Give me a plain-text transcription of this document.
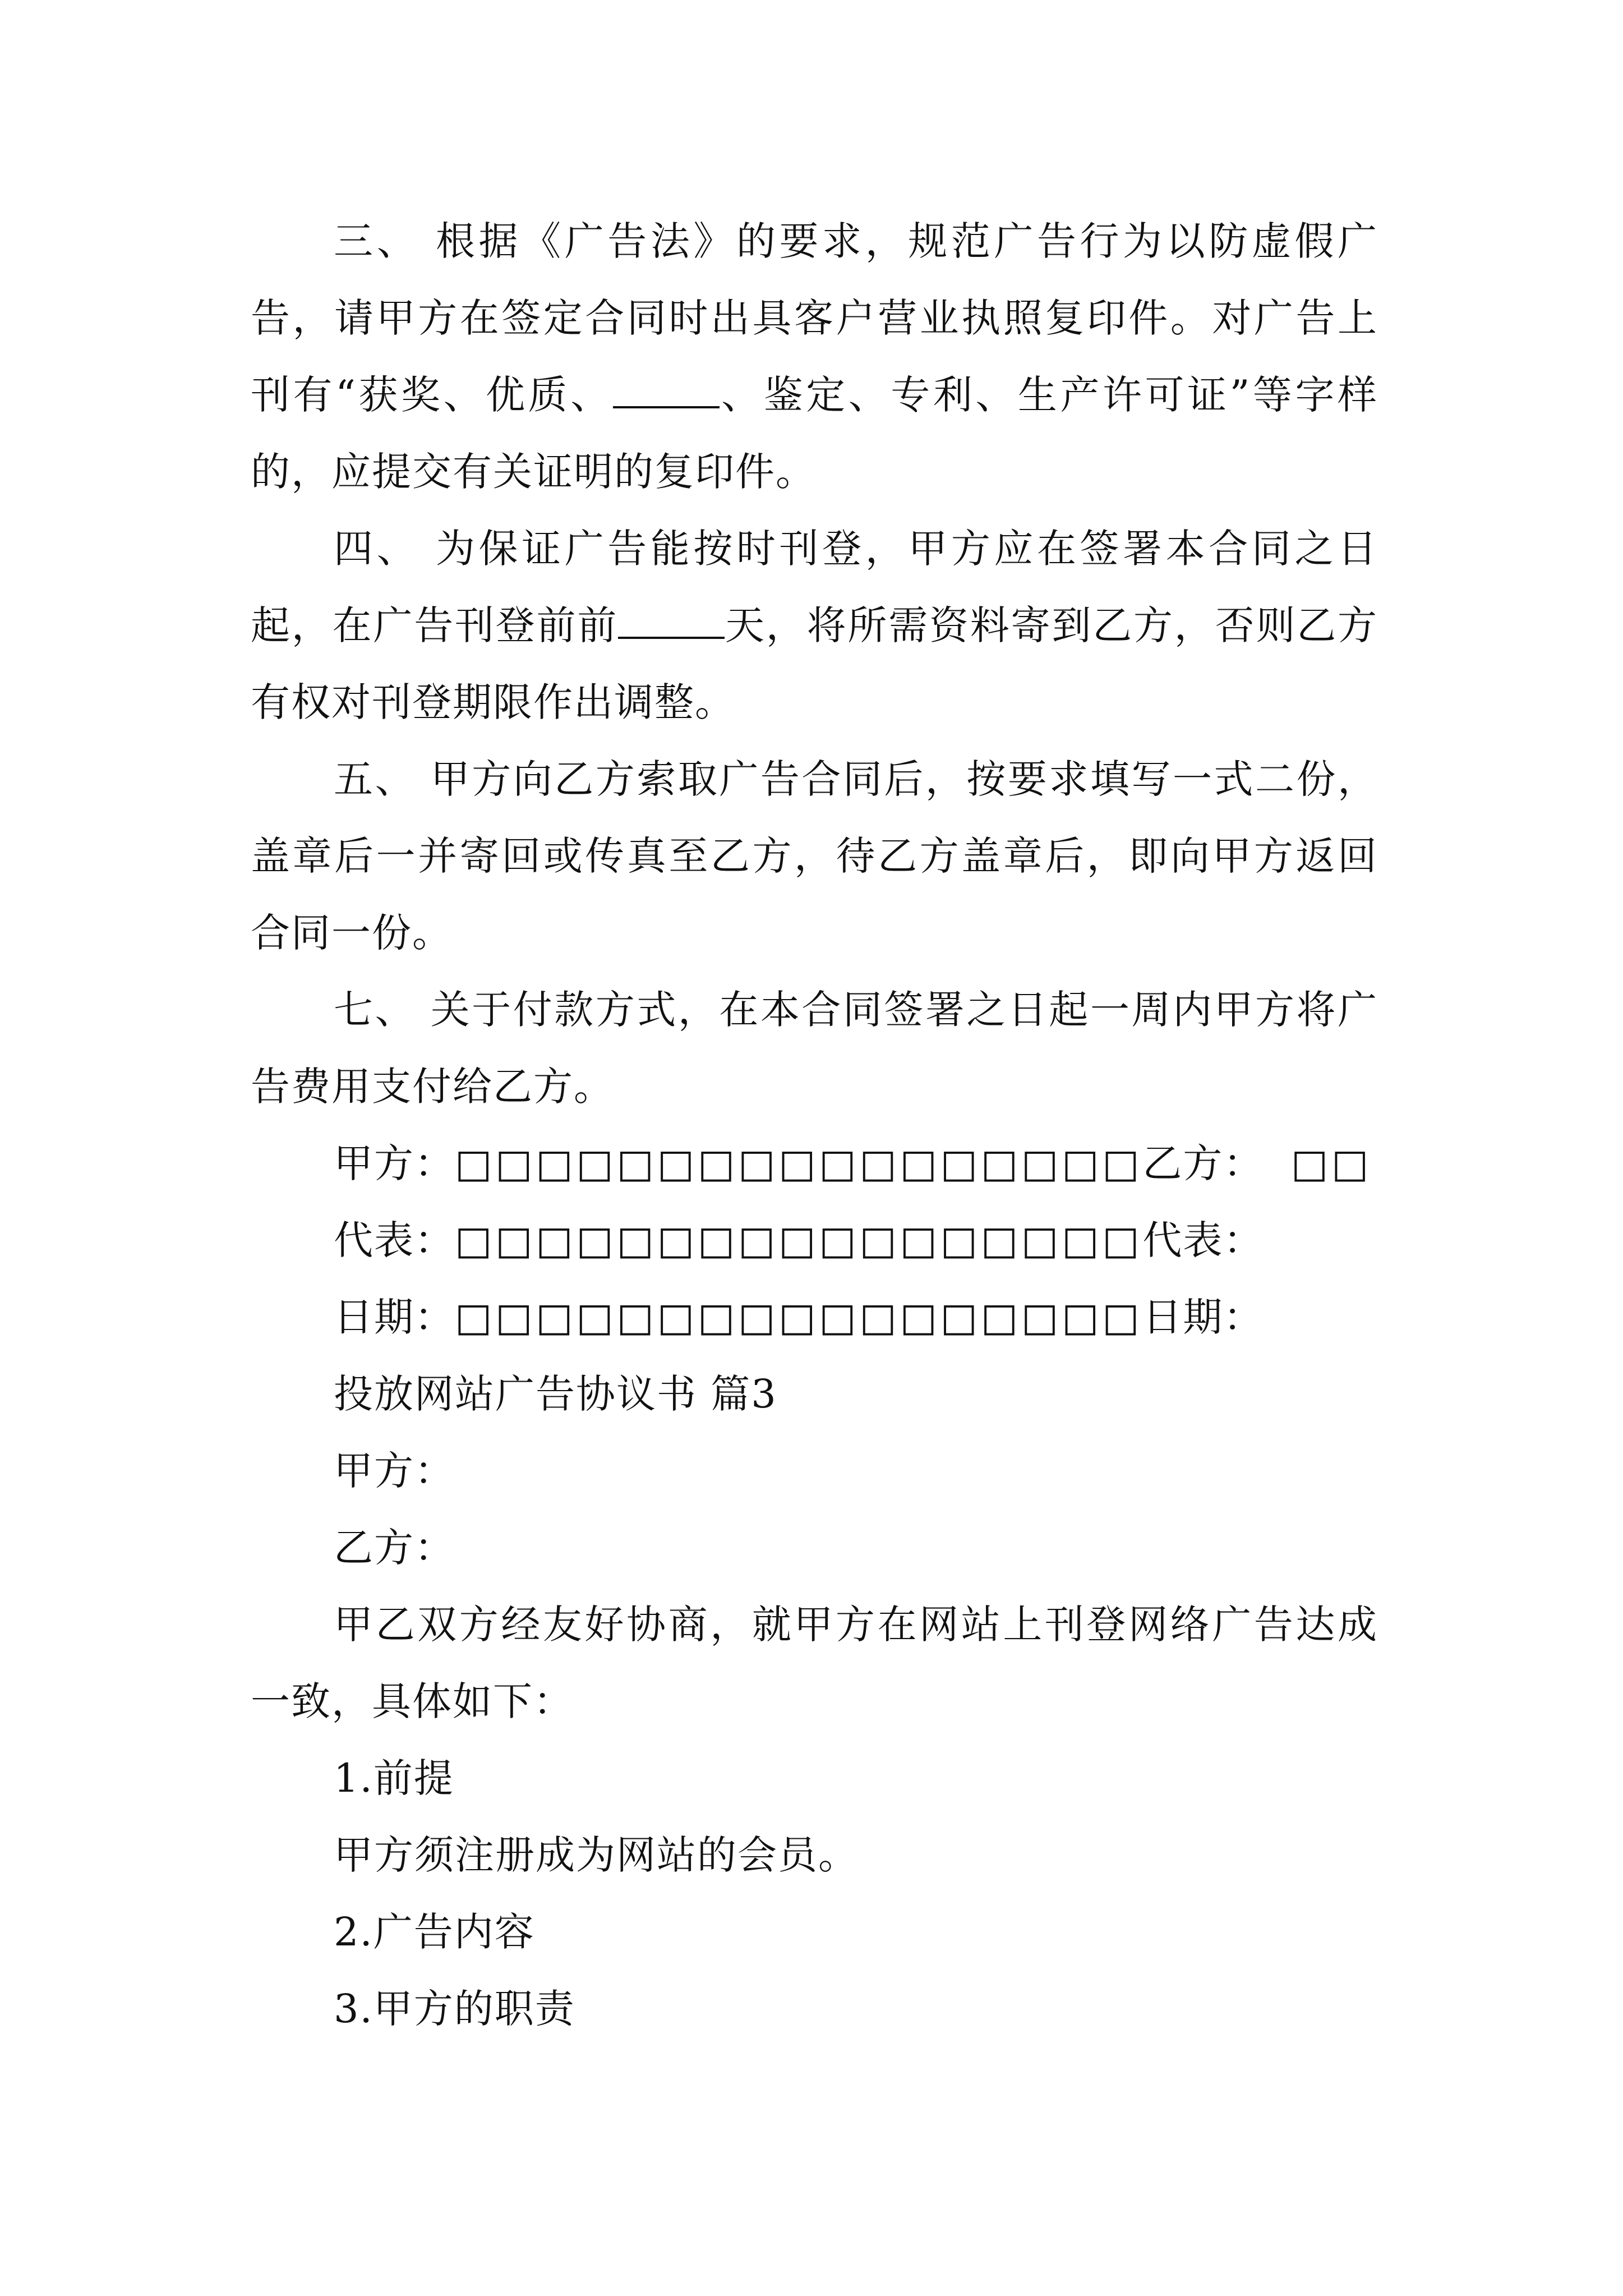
三、 根据《广告法》的要求，规范广告行为以防虚假广告，请甲方在签定合同时出具客户营业执照复印件。对广告上刊有“获奖、优质、	、鉴定、专利、生产许可证”等字样的，应提交有关证明的复印件。

四、 为保证广告能按时刊登，甲方应在签署本合同之日起，在广告刊登前前	天，将所需资料寄到乙方，否则乙方有权对刊登期限作出调整。

五、 甲方向乙方索取广告合同后，按要求填写一式二份，盖章后一并寄回或传真至乙方，待乙方盖章后，即向甲方返回合同一份。

七、 关于付款方式，在本合同签署之日起一周内甲方将广告费用支付给乙方。

甲方：□□□□□□□□□□□□□□□□□乙方： □□

代表：□□□□□□□□□□□□□□□□□代表：

日期：□□□□□□□□□□□□□□□□□日期：

投放网站广告协议书 篇3

甲方：

乙方：

甲乙双方经友好协商，就甲方在网站上刊登网络广告达成一致，具体如下：

1.前提

甲方须注册成为网站的会员。

2.广告内容

3.甲方的职责
